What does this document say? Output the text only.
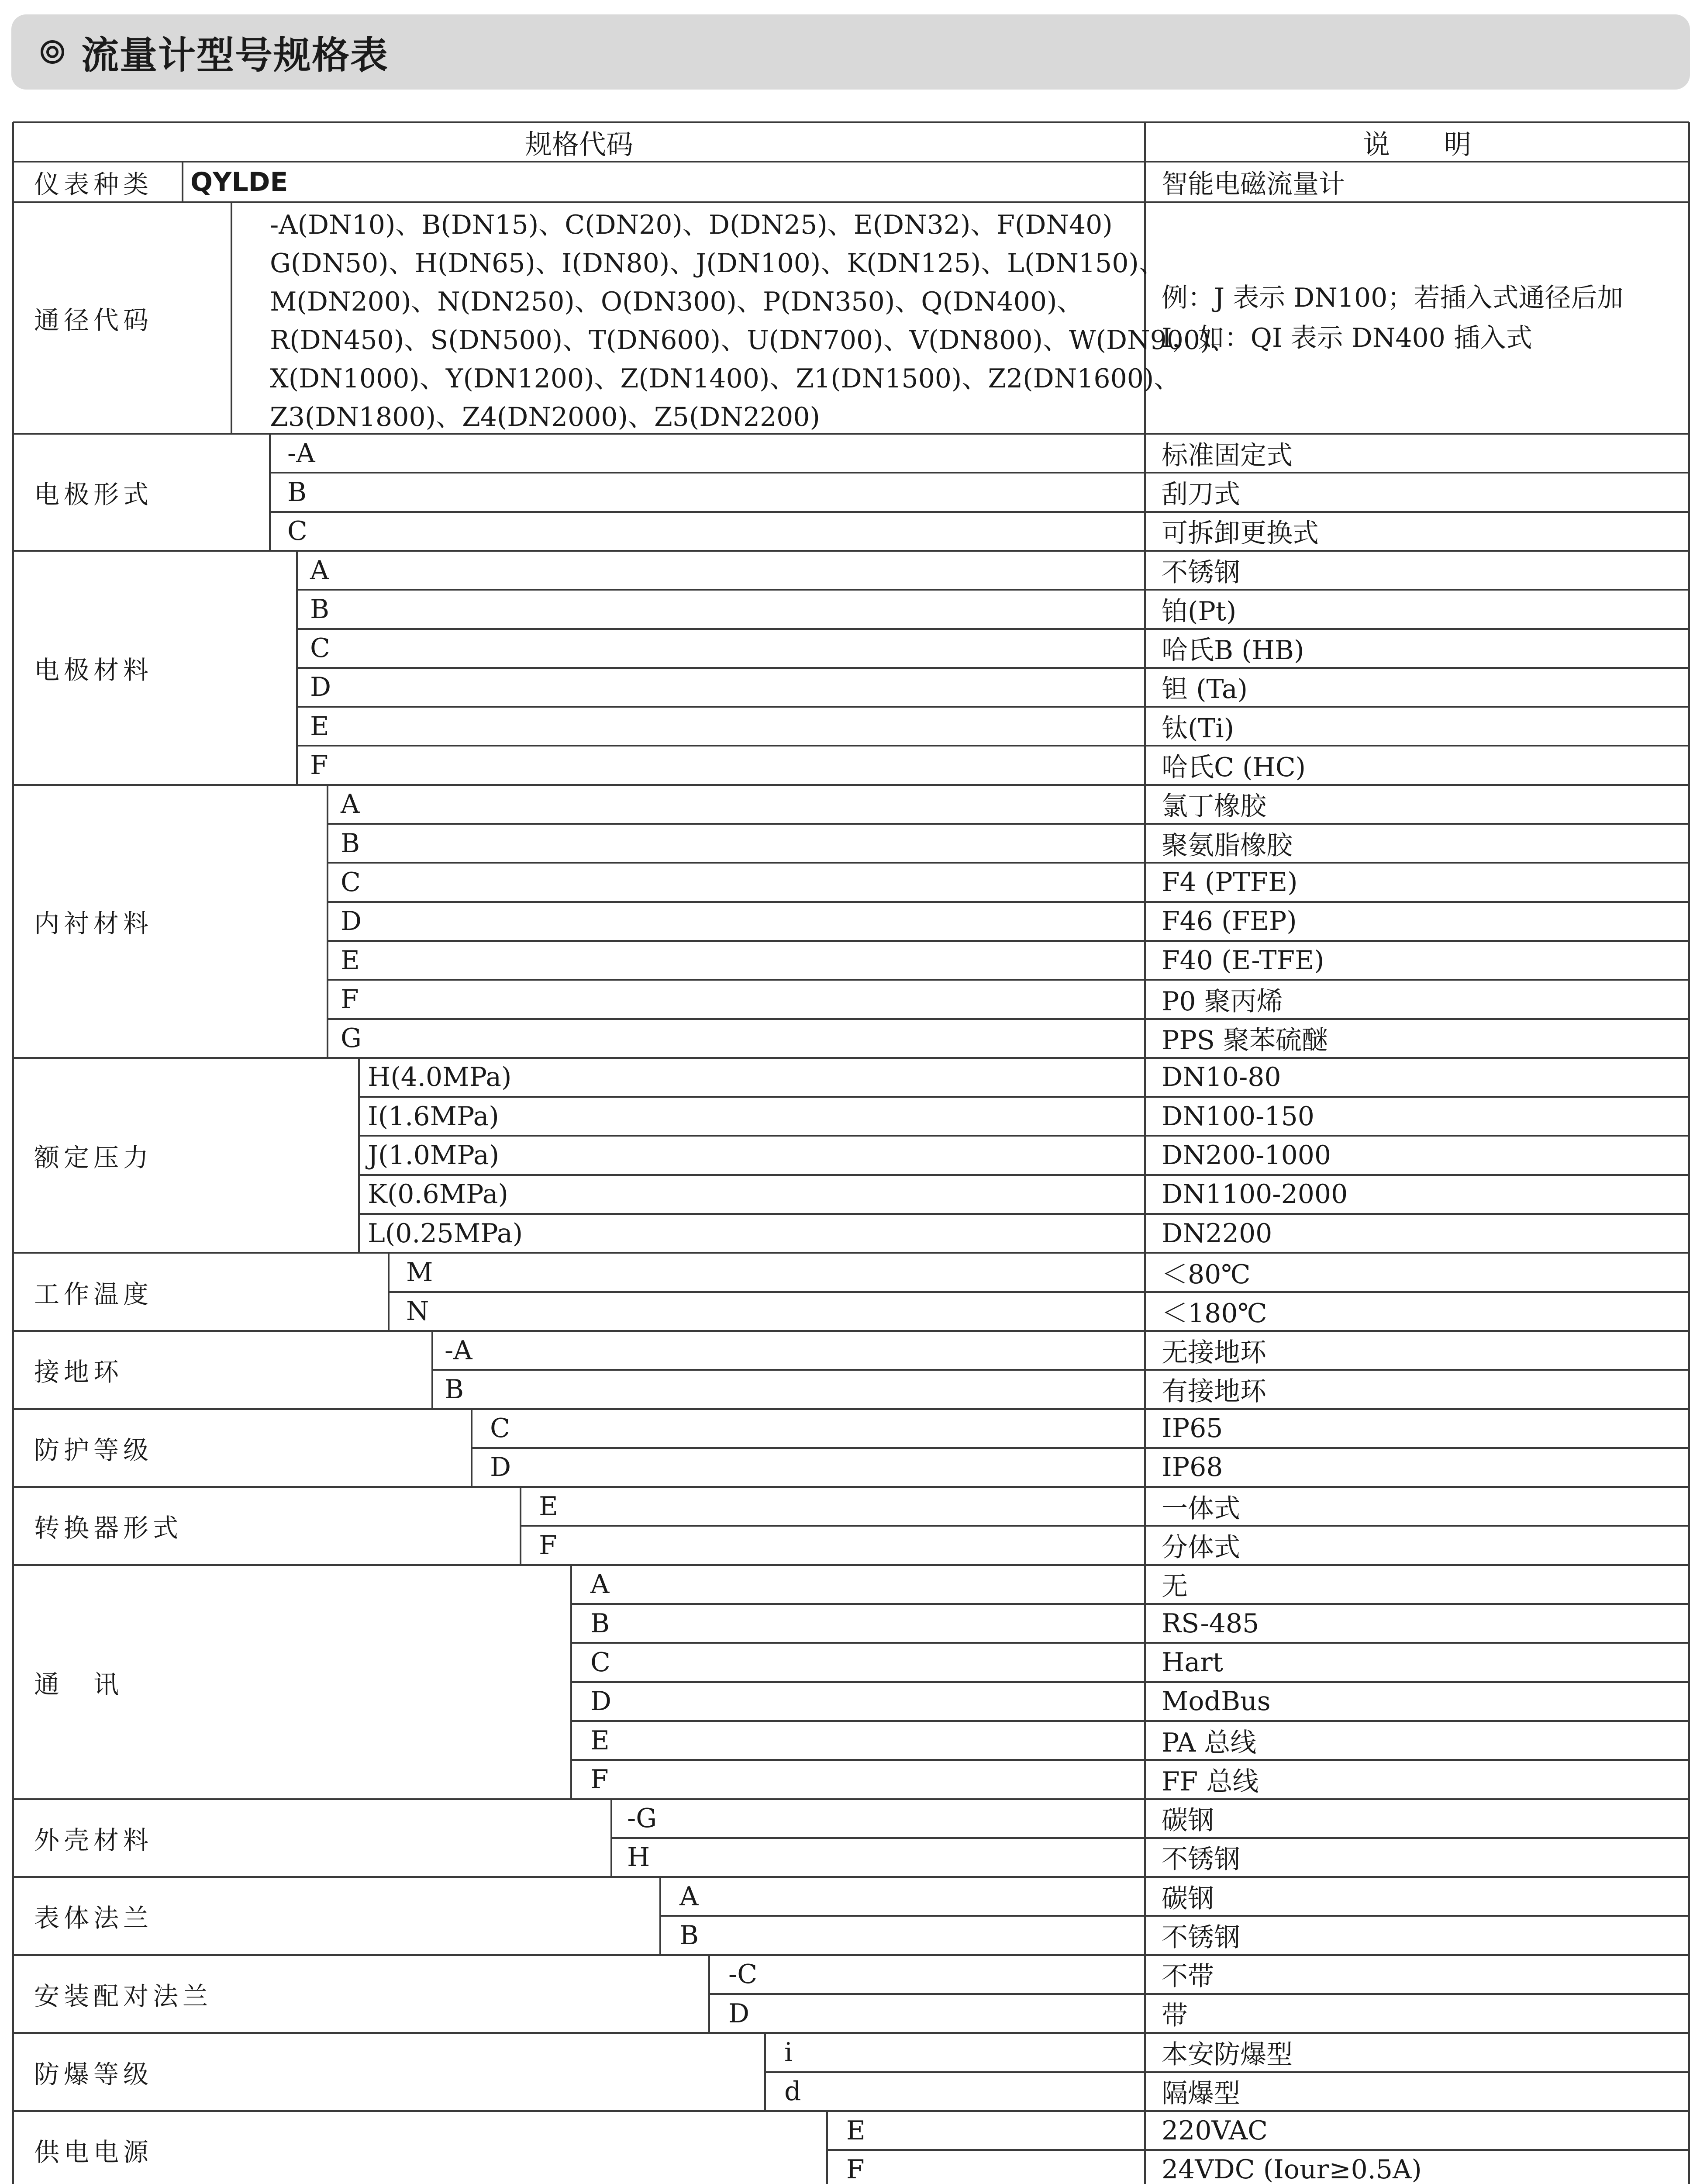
流量计型号规格表
规格代码	说　　明
仪表种类 QYLDE	智能电磁流量计
通径代码
-A(DN10)、B(DN15)、C(DN20)、D(DN25)、E(DN32)、F(DN40)
G(DN50)、H(DN65)、I(DN80)、J(DN100)、K(DN125)、L(DN150)、
M(DN200)、N(DN250)、O(DN300)、P(DN350)、Q(DN400)、
R(DN450)、S(DN500)、T(DN600)、U(DN700)、V(DN800)、W(DN900)、
X(DN1000)、Y(DN1200)、Z(DN1400)、Z1(DN1500)、Z2(DN1600)、
Z3(DN1800)、Z4(DN2000)、Z5(DN2200)
例：J 表示 DN100；若插入式通径后加
I，如：QI 表示 DN400 插入式
电极形式
-A	标准固定式
B	刮刀式
C	可拆卸更换式
电极材料
A	不锈钢
B	铂(Pt)
C	哈氏B (HB)
D	钽 (Ta)
E	钛(Ti)
F	哈氏C (HC)
内衬材料
A	氯丁橡胶
B	聚氨脂橡胶
C	F4 (PTFE)
D	F46 (FEP)
E	F40 (E-TFE)
F	P0 聚丙烯
G	PPS 聚苯硫醚
额定压力
H(4.0MPa)	DN10-80
I(1.6MPa)	DN100-150
J(1.0MPa)	DN200-1000
K(0.6MPa)	DN1100-2000
L(0.25MPa)	DN2200
工作温度
M	＜80℃
N	＜180℃
接地环
-A	无接地环
B	有接地环
防护等级
C	IP65
D	IP68
转换器形式
E	一体式
F	分体式
通　讯
A	无
B	RS-485
C	Hart
D	ModBus
E	PA 总线
F	FF 总线
外壳材料
-G	碳钢
H	不锈钢
表体法兰
A	碳钢
B	不锈钢
安装配对法兰
-C	不带
D	带
防爆等级
i	本安防爆型
d	隔爆型
供电电源
E	220VAC
F	24VDC (Iour≥0.5A)
